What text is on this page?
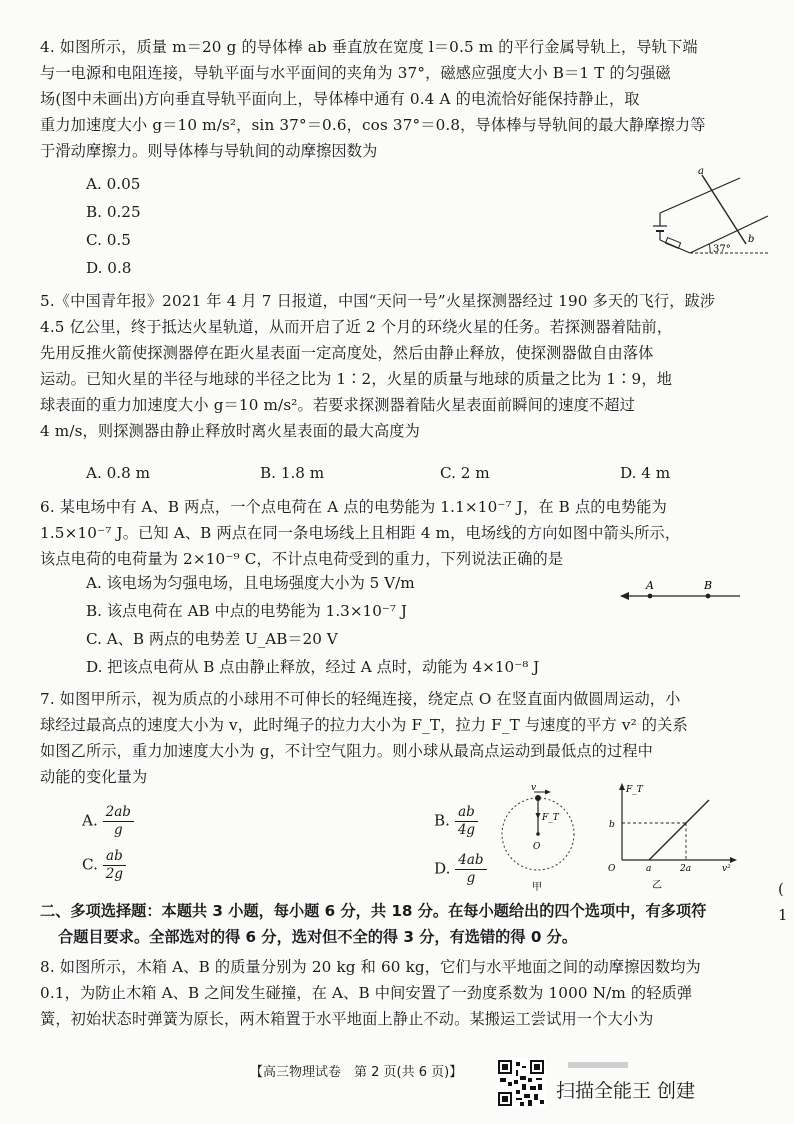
4. 如图所示，质量 m＝20 g 的导体棒 ab 垂直放在宽度 l＝0.5 m 的平行金属导轨上，导轨下端
与一电源和电阻连接，导轨平面与水平面间的夹角为 37°，磁感应强度大小 B＝1 T 的匀强磁
场(图中未画出)方向垂直导轨平面向上，导体棒中通有 0.4 A 的电流恰好能保持静止，取
重力加速度大小 g＝10 m/s²，sin 37°＝0.6，cos 37°＝0.8，导体棒与导轨间的最大静摩擦力等
于滑动摩擦力。则导体棒与导轨间的动摩擦因数为
A. 0.05
B. 0.25
C. 0.5
D. 0.8
a
b
37°
5.《中国青年报》2021 年 4 月 7 日报道，中国“天问一号”火星探测器经过 190 多天的飞行，跋涉
4.5 亿公里，终于抵达火星轨道，从而开启了近 2 个月的环绕火星的任务。若探测器着陆前，
先用反推火箭使探测器停在距火星表面一定高度处，然后由静止释放，使探测器做自由落体
运动。已知火星的半径与地球的半径之比为 1∶2，火星的质量与地球的质量之比为 1∶9，地
球表面的重力加速度大小 g＝10 m/s²。若要求探测器着陆火星表面前瞬间的速度不超过
4 m/s，则探测器由静止释放时离火星表面的最大高度为
A. 0.8 m	B. 1.8 m	C. 2 m	D. 4 m
6. 某电场中有 A、B 两点，一个点电荷在 A 点的电势能为 1.1×10⁻⁷ J，在 B 点的电势能为
1.5×10⁻⁷ J。已知 A、B 两点在同一条电场线上且相距 4 m，电场线的方向如图中箭头所示，
该点电荷的电荷量为 2×10⁻⁹ C，不计点电荷受到的重力，下列说法正确的是
A. 该电场为匀强电场，且电场强度大小为 5 V/m
B. 该点电荷在 AB 中点的电势能为 1.3×10⁻⁷ J
C. A、B 两点的电势差 U_AB＝20 V
D. 把该点电荷从 B 点由静止释放，经过 A 点时，动能为 4×10⁻⁸ J
A	B
7. 如图甲所示，视为质点的小球用不可伸长的轻绳连接，绕定点 O 在竖直面内做圆周运动，小
球经过最高点的速度大小为 v，此时绳子的拉力大小为 F_T，拉力 F_T 与速度的平方 v² 的关系
如图乙所示，重力加速度大小为 g，不计空气阻力。则小球从最高点运动到最低点的过程中
动能的变化量为
A. $\frac{2ab}{g}$
C. $\frac{ab}{2g}$
B. $\frac{ab}{4g}$
D. $\frac{4ab}{g}$
v
F_T
O
甲
F_T
v²
O
b
a	2a
乙
二、多项选择题：本题共 3 小题，每小题 6 分，共 18 分。在每小题给出的四个选项中，有多项符
合题目要求。全部选对的得 6 分，选对但不全的得 3 分，有选错的得 0 分。
8. 如图所示，木箱 A、B 的质量分别为 20 kg 和 60 kg，它们与水平地面之间的动摩擦因数均为
0.1，为防止木箱 A、B 之间发生碰撞，在 A、B 中间安置了一劲度系数为 1000 N/m 的轻质弹
簧，初始状态时弹簧为原长，两木箱置于水平地面上静止不动。某搬运工尝试用一个大小为
【高三物理试卷　第 2 页(共 6 页)】
扫描全能王 创建
(
1
